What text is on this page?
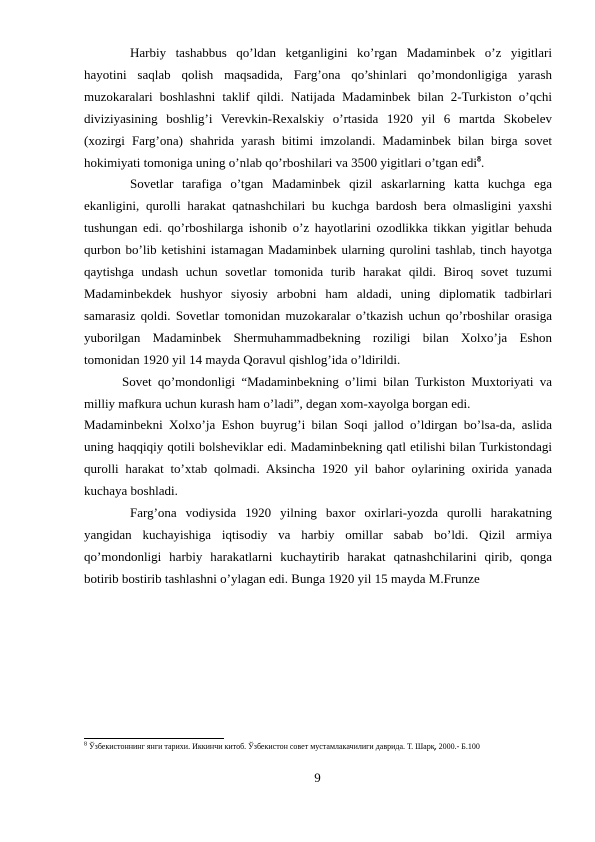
Harbiy tashabbus qo’ldan ketganligini ko’rgan Madaminbek o’z yigitlari hayotini saqlab qolish maqsadida, Farg’ona qo’shinlari qo’mondonligiga yarash muzokaralari boshlashni taklif qildi. Natijada Madaminbek bilan 2-Turkiston o’qchi diviziyasining boshlig’i Verevkin-Rexalskiy o’rtasida 1920 yil 6 martda Skobelev (xozirgi Farg’ona) shahrida yarash bitimi imzolandi. Madaminbek bilan birga sovet hokimiyati tomoniga uning o’nlab qo’rboshilari va 3500 yigitlari o’tgan edi$^8$.

Sovetlar tarafiga o’tgan Madaminbek qizil askarlarning katta kuchga ega ekanligini, qurolli harakat qatnashchilari bu kuchga bardosh bera olmasligini yaxshi tushungan edi. qo’rboshilarga ishonib o’z hayotlarini ozodlikka tikkan yigitlar behuda qurbon bo’lib ketishini istamagan Madaminbek ularning qurolini tashlab, tinch hayotga qaytishga undash uchun sovetlar tomonida turib harakat qildi. Biroq sovet tuzumi Madaminbekdek hushyor siyosiy arbobni ham aldadi, uning diplomatik tadbirlari samarasiz qoldi. Sovetlar tomonidan muzokaralar o’tkazish uchun qo’rboshilar orasiga yuborilgan Madaminbek Shermuhammadbekning roziligi bilan Xolxo’ja Eshon tomonidan 1920 yil 14 mayda Qoravul qishlog’ida o’ldirildi.

Sovet qo’mondonligi “Madaminbekning o’limi bilan Turkiston Muxtoriyati va milliy mafkura uchun kurash ham o’ladi”, degan xom-xayolga borgan edi.

Madaminbekni Xolxo’ja Eshon buyrug’i bilan Soqi jallod o’ldirgan bo’lsa-da, aslida uning haqqiqiy qotili bolsheviklar edi. Madaminbekning qatl etilishi bilan Turkistondagi qurolli harakat to’xtab qolmadi. Aksincha 1920 yil bahor oylarining oxirida yanada kuchaya boshladi.

Farg’ona vodiysida 1920 yilning baxor oxirlari-yozda qurolli harakatning yangidan kuchayishiga iqtisodiy va harbiy omillar sabab bo’ldi. Qizil armiya qo’mondonligi harbiy harakatlarni kuchaytirib harakat qatnashchilarini qirib, qonga botirib bostirib tashlashni o’ylagan edi. Bunga 1920 yil 15 mayda M.Frunze

$^8$ Ўзбекистоннинг янги тарихи. Иккинчи китоб. Ўзбекистон совет мустамлакачилиги даврида. Т. Шарқ, 2000.- Б.100
9
